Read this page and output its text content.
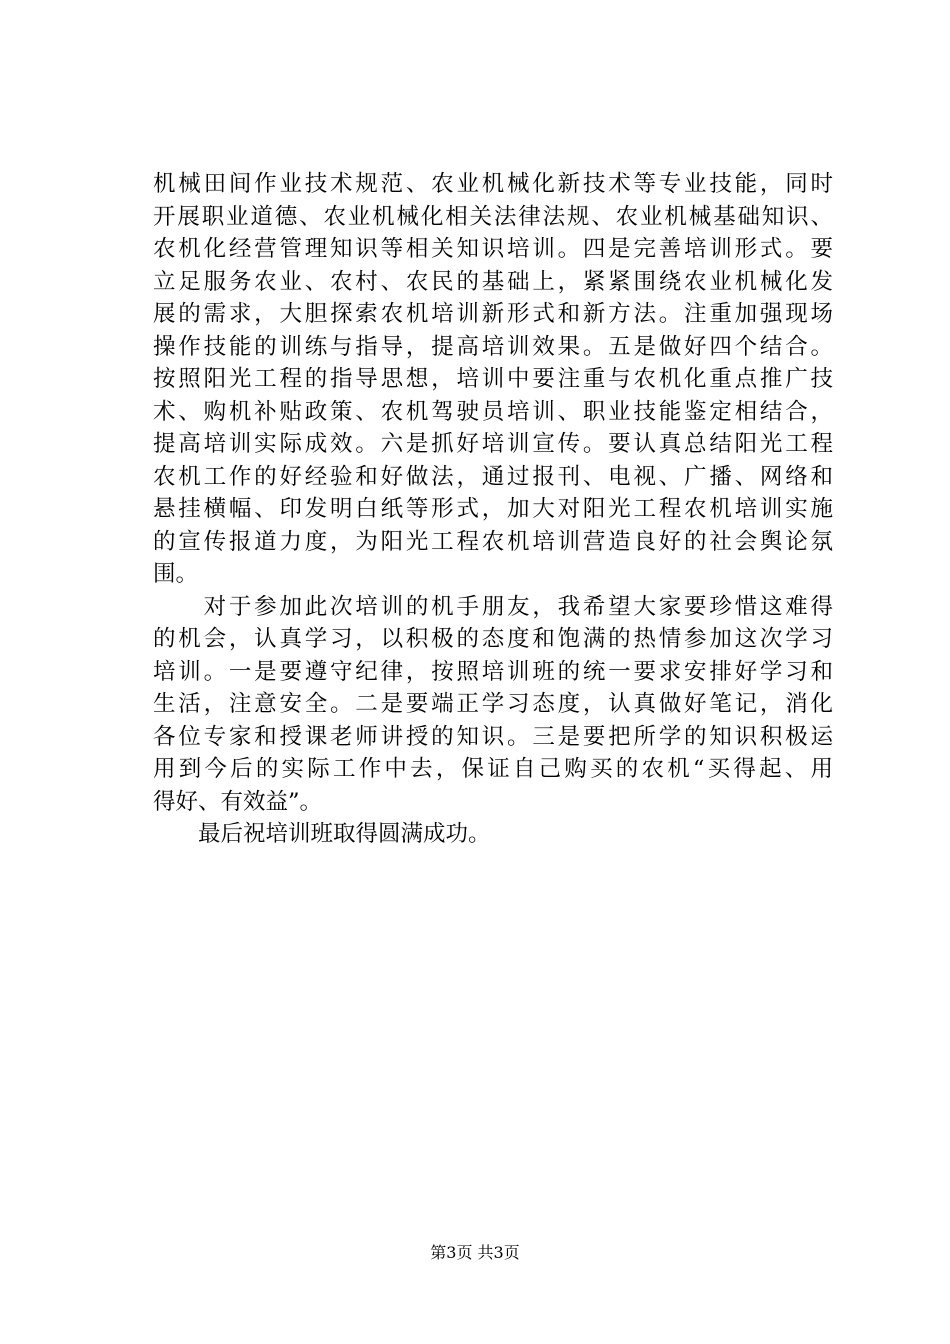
机械田间作业技术规范、农业机械化新技术等专业技能，同时
开展职业道德、农业机械化相关法律法规、农业机械基础知识、
农机化经营管理知识等相关知识培训。四是完善培训形式。要
立足服务农业、农村、农民的基础上，紧紧围绕农业机械化发
展的需求，大胆探索农机培训新形式和新方法。注重加强现场
操作技能的训练与指导，提高培训效果。五是做好四个结合。
按照阳光工程的指导思想，培训中要注重与农机化重点推广技
术、购机补贴政策、农机驾驶员培训、职业技能鉴定相结合，
提高培训实际成效。六是抓好培训宣传。要认真总结阳光工程
农机工作的好经验和好做法，通过报刊、电视、广播、网络和
悬挂横幅、印发明白纸等形式，加大对阳光工程农机培训实施
的宣传报道力度，为阳光工程农机培训营造良好的社会舆论氛
围。
　　对于参加此次培训的机手朋友，我希望大家要珍惜这难得
的机会，认真学习，以积极的态度和饱满的热情参加这次学习
培训。一是要遵守纪律，按照培训班的统一要求安排好学习和
生活，注意安全。二是要端正学习态度，认真做好笔记，消化
各位专家和授课老师讲授的知识。三是要把所学的知识积极运
用到今后的实际工作中去，保证自己购买的农机“买得起、用
得好、有效益”。
　　最后祝培训班取得圆满成功。
第3页 共3页
